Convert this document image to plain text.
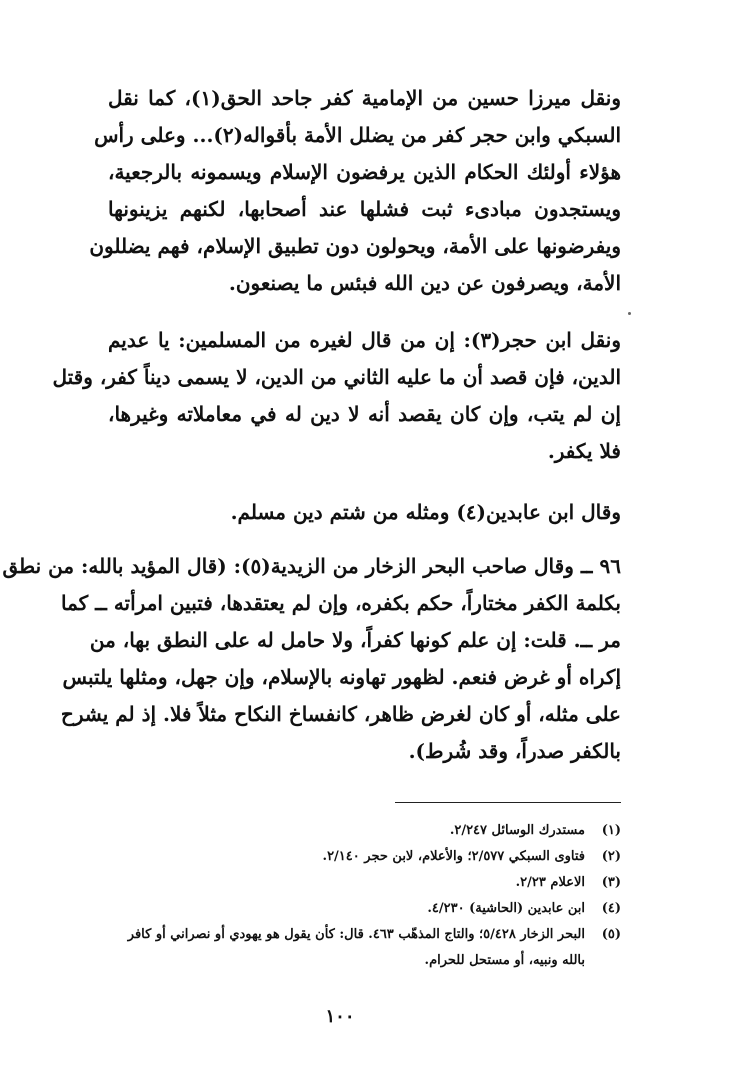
ونقل ميرزا حسين من الإمامية كفر جاحد الحق(١)، كما نقل
السبكي وابن حجر كفر من يضلل الأمة بأقواله(٢)... وعلى رأس
هؤلاء أولئك الحكام الذين يرفضون الإسلام ويسمونه بالرجعية،
ويستجدون مبادىء ثبت فشلها عند أصحابها، لكنهم يزينونها
ويفرضونها على الأمة، ويحولون دون تطبيق الإسلام، فهم يضللون
الأمة، ويصرفون عن دين الله فبئس ما يصنعون.
ونقل ابن حجر(٣): إن من قال لغيره من المسلمين: يا عديم
الدين، فإن قصد أن ما عليه الثاني من الدين، لا يسمى ديناً كفر، وقتل
إن لم يتب، وإن كان يقصد أنه لا دين له في معاملاته وغيرها،
فلا يكفر.
وقال ابن عابدين(٤) ومثله من شتم دين مسلم.
٩٦ ــ وقال صاحب البحر الزخار من الزيدية(٥): (قال المؤيد بالله: من نطق
بكلمة الكفر مختاراً، حكم بكفره، وإن لم يعتقدها، فتبين امرأته ــ كما
مر ــ. قلت: إن علم كونها كفراً، ولا حامل له على النطق بها، من
إكراه أو غرض فنعم. لظهور تهاونه بالإسلام، وإن جهل، ومثلها يلتبس
على مثله، أو كان لغرض ظاهر، كانفساخ النكاح مثلاً فلا. إذ لم يشرح
بالكفر صدراً، وقد شُرط).
(١)
مستدرك الوسائل ٢/٢٤٧.
(٢)
فتاوى السبكي ٢/٥٧٧؛ والأعلام، لابن حجر ٢/١٤٠.
(٣)
الاعلام ٢/٢٣.
(٤)
ابن عابدين (الحاشية) ٤/٢٣٠.
(٥)
البحر الزخار ٥/٤٢٨؛ والتاج المذهّب ٤٦٣. قال: كأن يقول هو يهودي أو نصراني أو كافر بالله ونبيه، أو مستحل للحرام.
١٠٠
